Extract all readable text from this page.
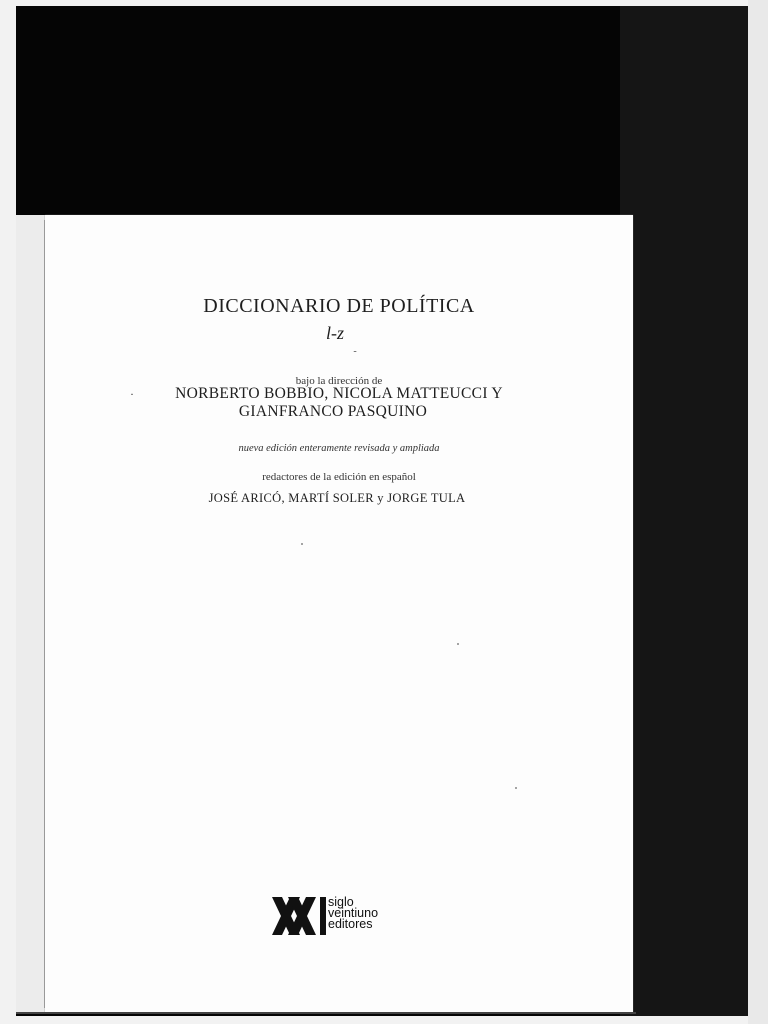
DICCIONARIO DE POLÍTICA
l-z
-
bajo la dirección de
·	NORBERTO BOBBIO, NICOLA MATTEUCCI Y
GIANFRANCO PASQUINO
nueva edición enteramente revisada y ampliada
redactores de la edición en español
JOSÉ ARICÓ, MARTÍ SOLER y JORGE TULA
siglo
veintiuno
editores
